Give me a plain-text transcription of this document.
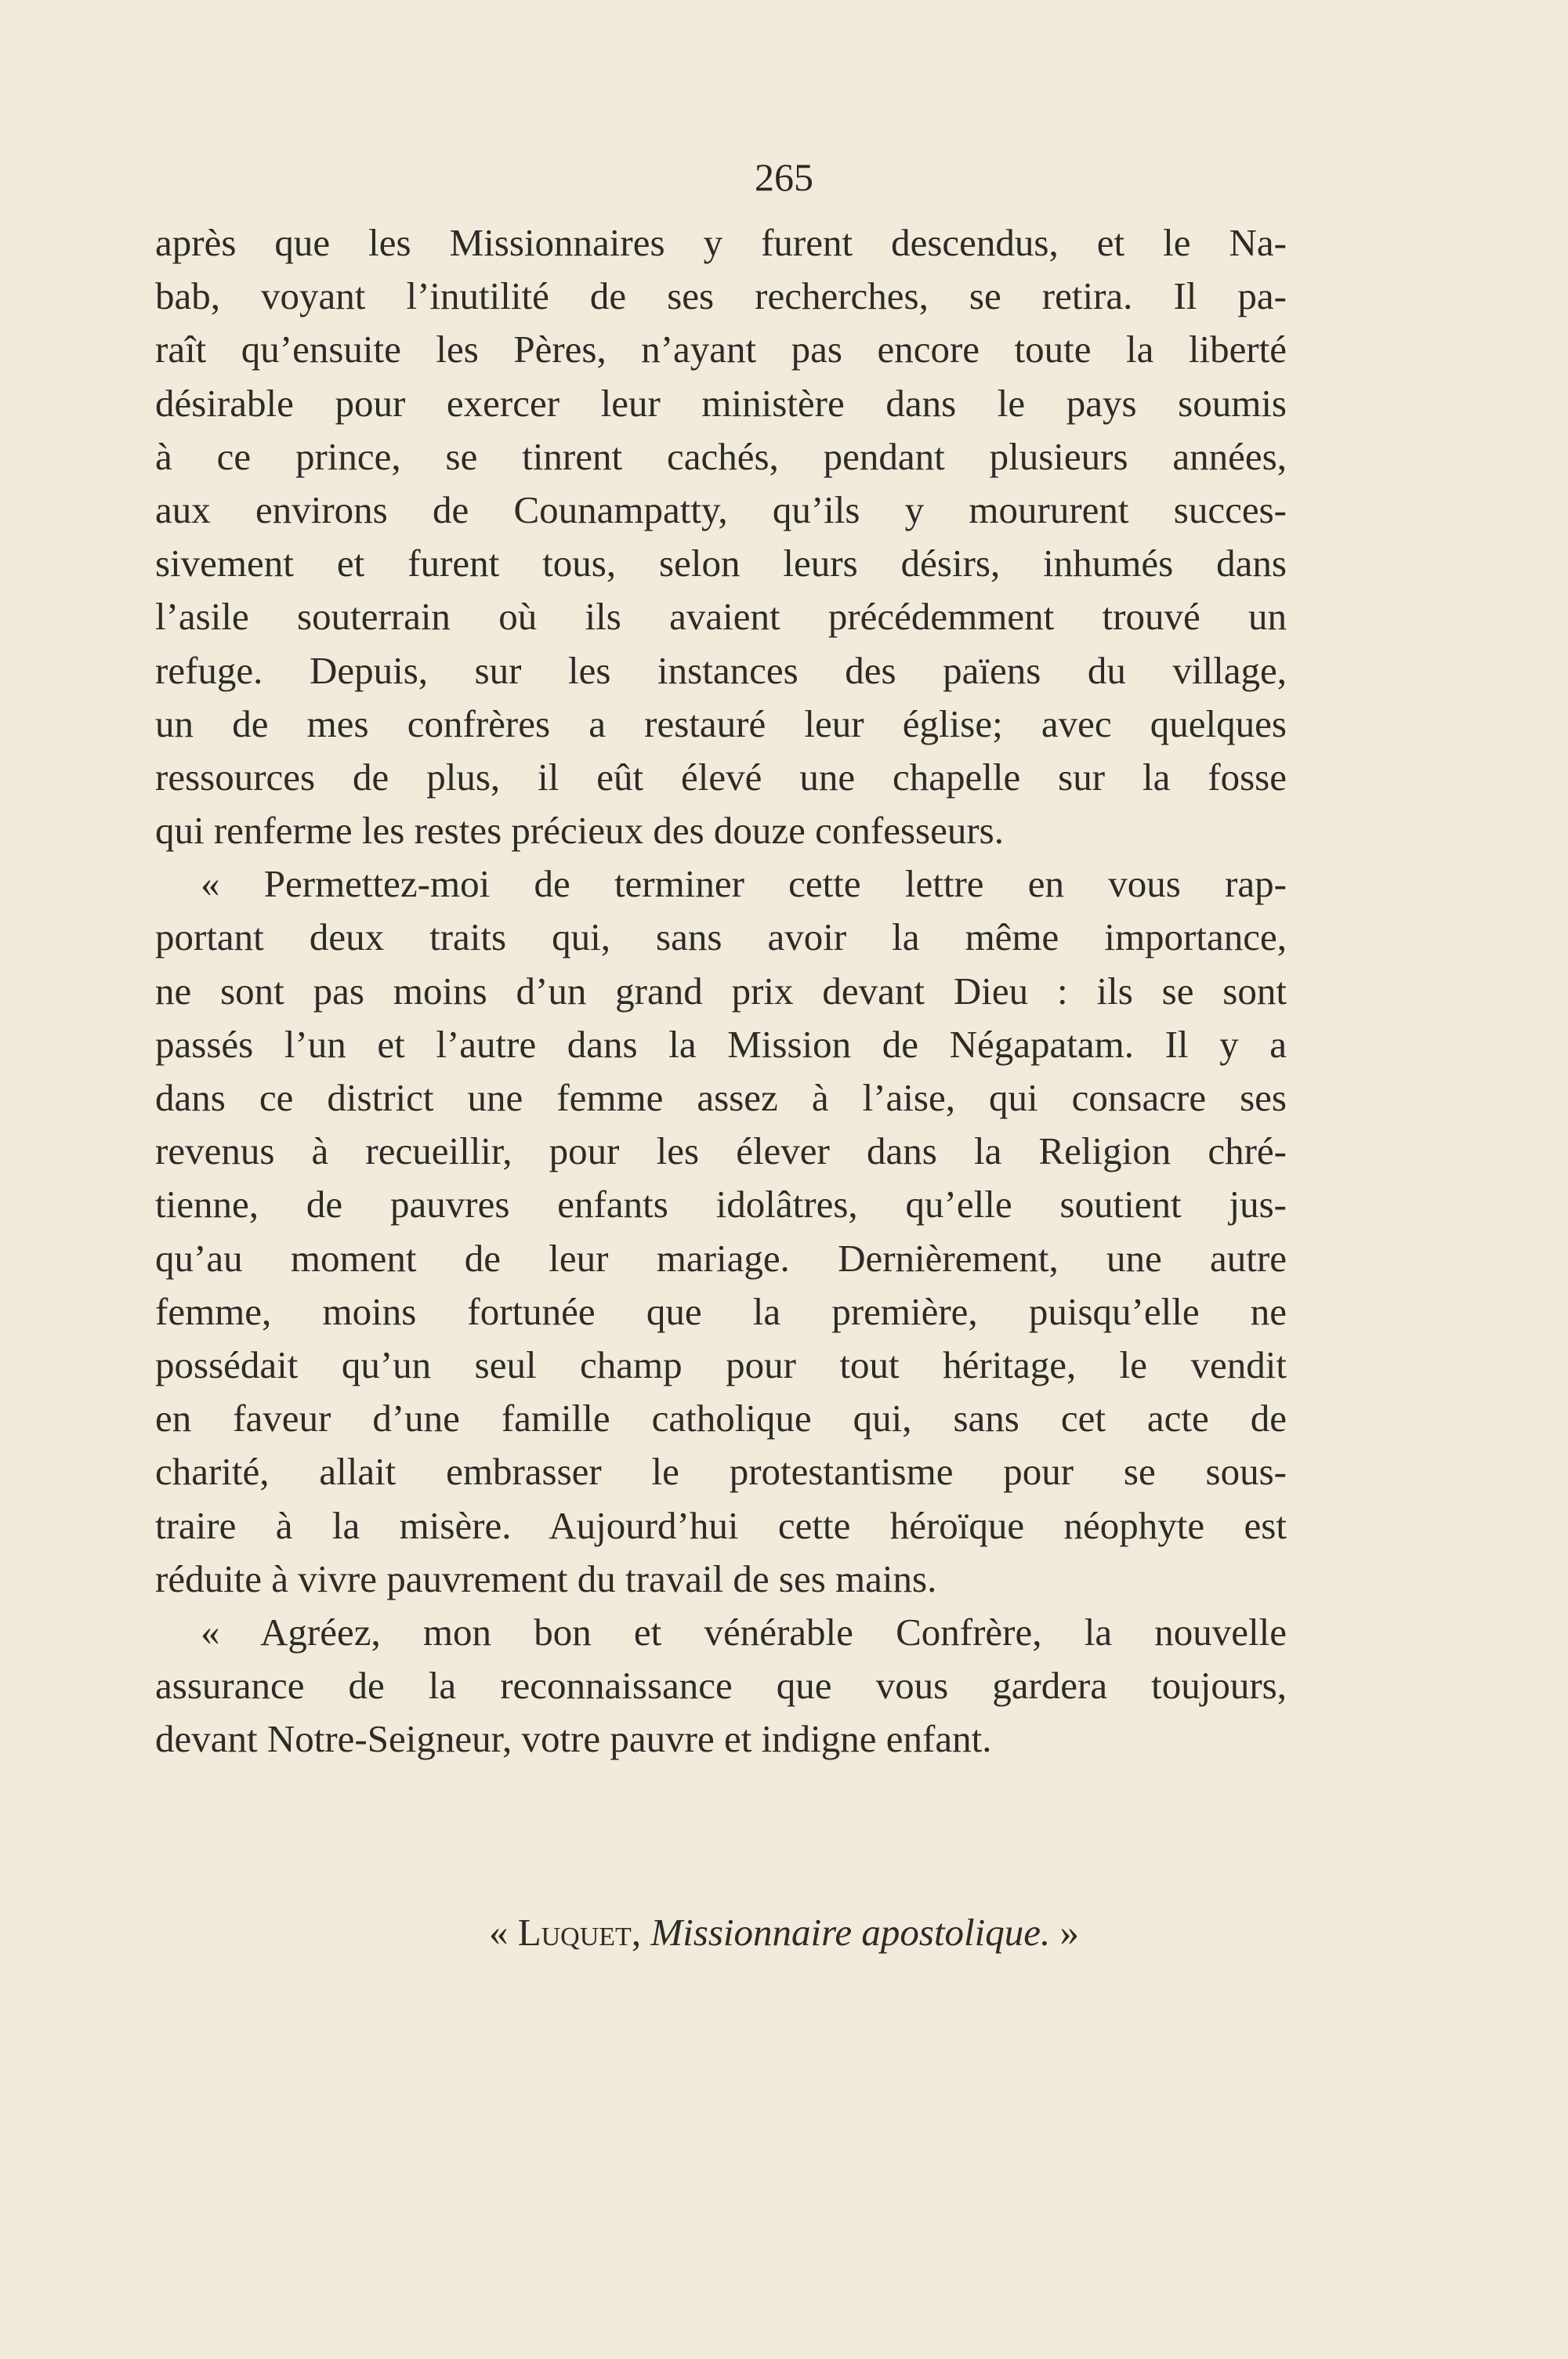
265
après que les Missionnaires y furent descendus, et le Na-
bab, voyant l’inutilité de ses recherches, se retira. Il pa-
raît qu’ensuite les Pères, n’ayant pas encore toute la liberté
désirable pour exercer leur ministère dans le pays soumis
à ce prince, se tinrent cachés, pendant plusieurs années,
aux environs de Counampatty, qu’ils y moururent succes-
sivement et furent tous, selon leurs désirs, inhumés dans
l’asile souterrain où ils avaient précédemment trouvé un
refuge. Depuis, sur les instances des païens du village,
un de mes confrères a restauré leur église; avec quelques
ressources de plus, il eût élevé une chapelle sur la fosse
qui renferme les restes précieux des douze confesseurs.
« Permettez-moi de terminer cette lettre en vous rap-
portant deux traits qui, sans avoir la même importance,
ne sont pas moins d’un grand prix devant Dieu : ils se sont
passés l’un et l’autre dans la Mission de Négapatam. Il y a
dans ce district une femme assez à l’aise, qui consacre ses
revenus à recueillir, pour les élever dans la Religion chré-
tienne, de pauvres enfants idolâtres, qu’elle soutient jus-
qu’au moment de leur mariage. Dernièrement, une autre
femme, moins fortunée que la première, puisqu’elle ne
possédait qu’un seul champ pour tout héritage, le vendit
en faveur d’une famille catholique qui, sans cet acte de
charité, allait embrasser le protestantisme pour se sous-
traire à la misère. Aujourd’hui cette héroïque néophyte est
réduite à vivre pauvrement du travail de ses mains.
« Agréez, mon bon et vénérable Confrère, la nouvelle
assurance de la reconnaissance que vous gardera toujours,
devant Notre-Seigneur, votre pauvre et indigne enfant.
« Luquet, Missionnaire apostolique. »
